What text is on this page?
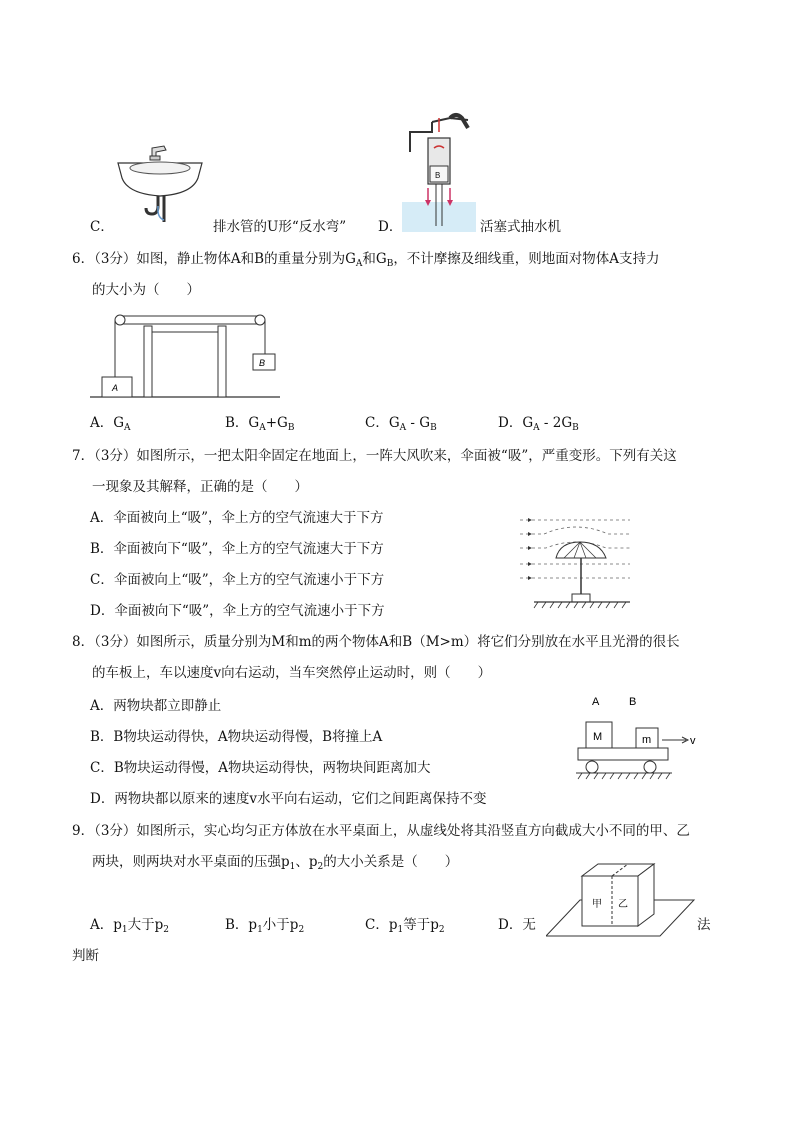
C．	排水管的U形“反水弯”
B
D．	活塞式抽水机
6．（3分）如图，静止物体A和B的重量分别为$G_A$和$G_B$，不计摩擦及细线重，则地面对物体A支持力
的大小为（　　）
A
B
A．$G_A$	B．$G_A+G_B$	C．$G_A - G_B$	D．$G_A - 2G_B$
7．（3分）如图所示，一把太阳伞固定在地面上，一阵大风吹来，伞面被“吸”，严重变形。下列有关这
一现象及其解释，正确的是（　　）
A．伞面被向上“吸”，伞上方的空气流速大于下方
B．伞面被向下“吸”，伞上方的空气流速大于下方
C．伞面被向上“吸”，伞上方的空气流速小于下方
D．伞面被向下“吸”，伞上方的空气流速小于下方
8．（3分）如图所示，质量分别为M和m的两个物体A和B（M>m）将它们分别放在水平且光滑的很长
的车板上，车以速度v向右运动，当车突然停止运动时，则（　　）
A．两物块都立即静止
B．B物块运动得快，A物块运动得慢，B将撞上A
C．B物块运动得慢，A物块运动得快，两物块间距离加大
D．两物块都以原来的速度v水平向右运动，它们之间距离保持不变
A	B
M	m	v
9．（3分）如图所示，实心均匀正方体放在水平桌面上，从虚线处将其沿竖直方向截成大小不同的甲、乙
两块，则两块对水平桌面的压强$p_1$、$p_2$的大小关系是（　　）
甲 乙
A．$p_1$大于$p_2$	B．$p_1$小于$p_2$	C．$p_1$等于$p_2$	D．无	法
判断
